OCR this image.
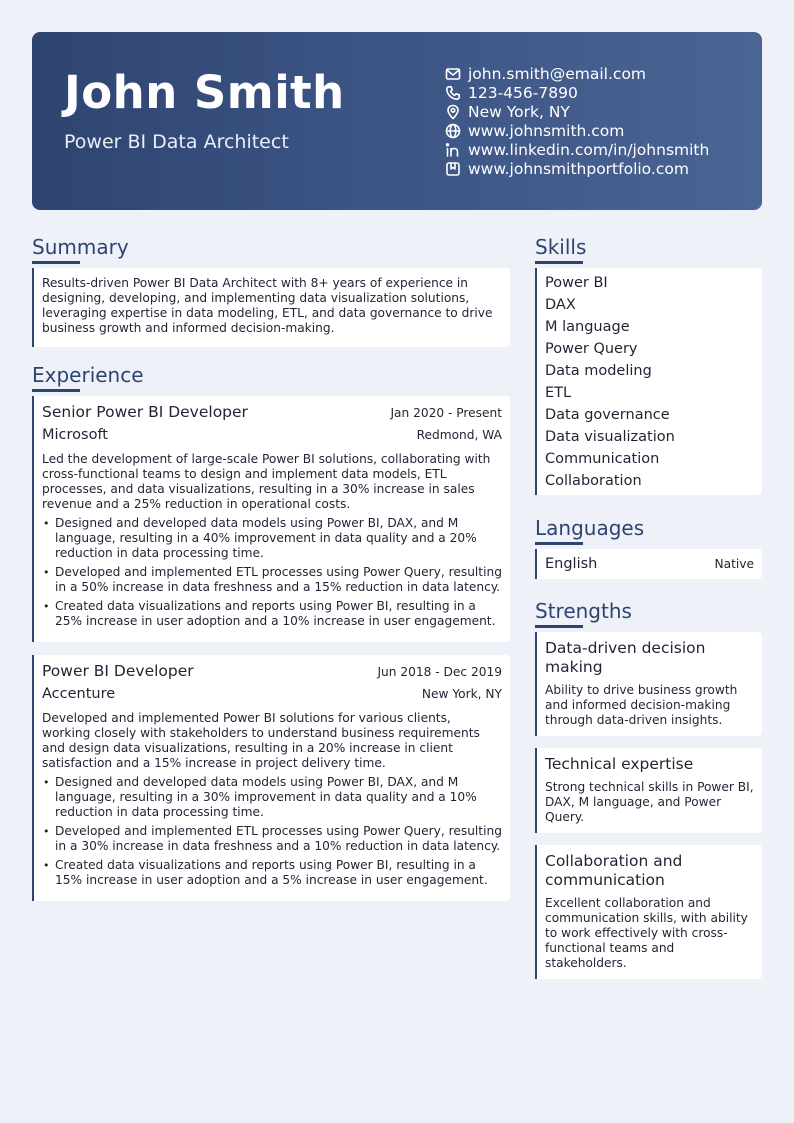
John Smith
Power BI Data Architect
john.smith@email.com
123-456-7890
New York, NY
www.johnsmith.com
www.linkedin.com/in/johnsmith
www.johnsmithportfolio.com
Summary

Results-driven Power BI Data Architect with 8+ years of experience in designing, developing, and implementing data visualization solutions, leveraging expertise in data modeling, ETL, and data governance to drive business growth and informed decision-making.

Experience
Senior Power BI Developer	Jan 2020 - Present
Microsoft	Redmond, WA

Led the development of large-scale Power BI solutions, collaborating with cross-functional teams to design and implement data models, ETL processes, and data visualizations, resulting in a 30% increase in sales revenue and a 25% reduction in operational costs.

• Designed and developed data models using Power BI, DAX, and M language, resulting in a 40% improvement in data quality and a 20% reduction in data processing time.
• Developed and implemented ETL processes using Power Query, resulting in a 50% increase in data freshness and a 15% reduction in data latency.
• Created data visualizations and reports using Power BI, resulting in a 25% increase in user adoption and a 10% increase in user engagement.
Power BI Developer	Jun 2018 - Dec 2019
Accenture	New York, NY

Developed and implemented Power BI solutions for various clients, working closely with stakeholders to understand business requirements and design data visualizations, resulting in a 20% increase in client satisfaction and a 15% increase in project delivery time.

• Designed and developed data models using Power BI, DAX, and M language, resulting in a 30% improvement in data quality and a 10% reduction in data processing time.
• Developed and implemented ETL processes using Power Query, resulting in a 30% increase in data freshness and a 10% reduction in data latency.
• Created data visualizations and reports using Power BI, resulting in a 15% increase in user adoption and a 5% increase in user engagement.
Skills
Power BI
DAX
M language
Power Query
Data modeling
ETL
Data governance
Data visualization
Communication
Collaboration
Languages
English	Native
Strengths
Data-driven decision making

Ability to drive business growth and informed decision-making through data-driven insights.

Technical expertise

Strong technical skills in Power BI, DAX, M language, and Power Query.

Collaboration and communication

Excellent collaboration and communication skills, with ability to work effectively with cross-functional teams and stakeholders.
